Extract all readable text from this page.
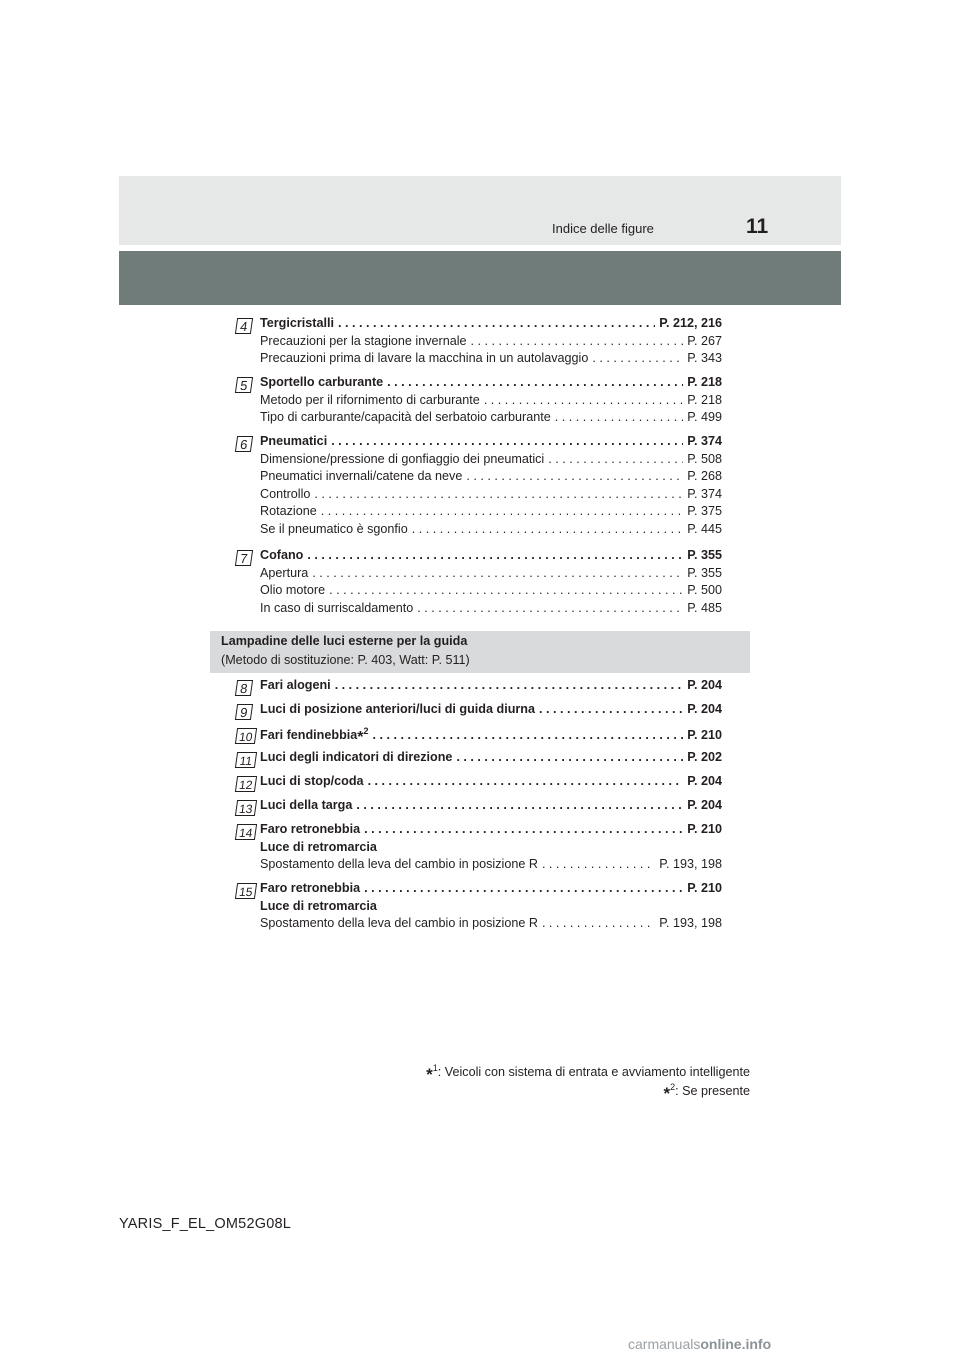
Indice delle figure	11
4 Tergicristalli . . .	P. 212, 216
Precauzioni per la stagione invernale . . .	P. 267
Precauzioni prima di lavare la macchina in un autolavaggio . . .	P. 343
5 Sportello carburante . . .	P. 218
Metodo per il rifornimento di carburante . . .	P. 218
Tipo di carburante/capacità del serbatoio carburante . . .	P. 499
6 Pneumatici . . .	P. 374
Dimensione/pressione di gonfiaggio dei pneumatici . . .	P. 508
Pneumatici invernali/catene da neve . . .	P. 268
Controllo . . .	P. 374
Rotazione . . .	P. 375
Se il pneumatico è sgonfio . . .	P. 445
7 Cofano . . .	P. 355
Apertura . . .	P. 355
Olio motore . . .	P. 500
In caso di surriscaldamento . . .	P. 485
Lampadine delle luci esterne per la guida
(Metodo di sostituzione: P. 403, Watt: P. 511)
8 Fari alogeni . . .	P. 204
9 Luci di posizione anteriori/luci di guida diurna . . .	P. 204
10 Fari fendinebbia*$^2$ . . .	P. 210
11 Luci degli indicatori di direzione . . .	P. 202
12 Luci di stop/coda . . .	P. 204
13 Luci della targa . . .	P. 204
14 Faro retronebbia . . .	P. 210
Luce di retromarcia
Spostamento della leva del cambio in posizione R . . .	P. 193, 198
15 Faro retronebbia . . .	P. 210
Luce di retromarcia
Spostamento della leva del cambio in posizione R . . .	P. 193, 198
*$^1$: Veicoli con sistema di entrata e avviamento intelligente
*$^2$: Se presente
YARIS_F_EL_OM52G08L
carmanualsonline.info
